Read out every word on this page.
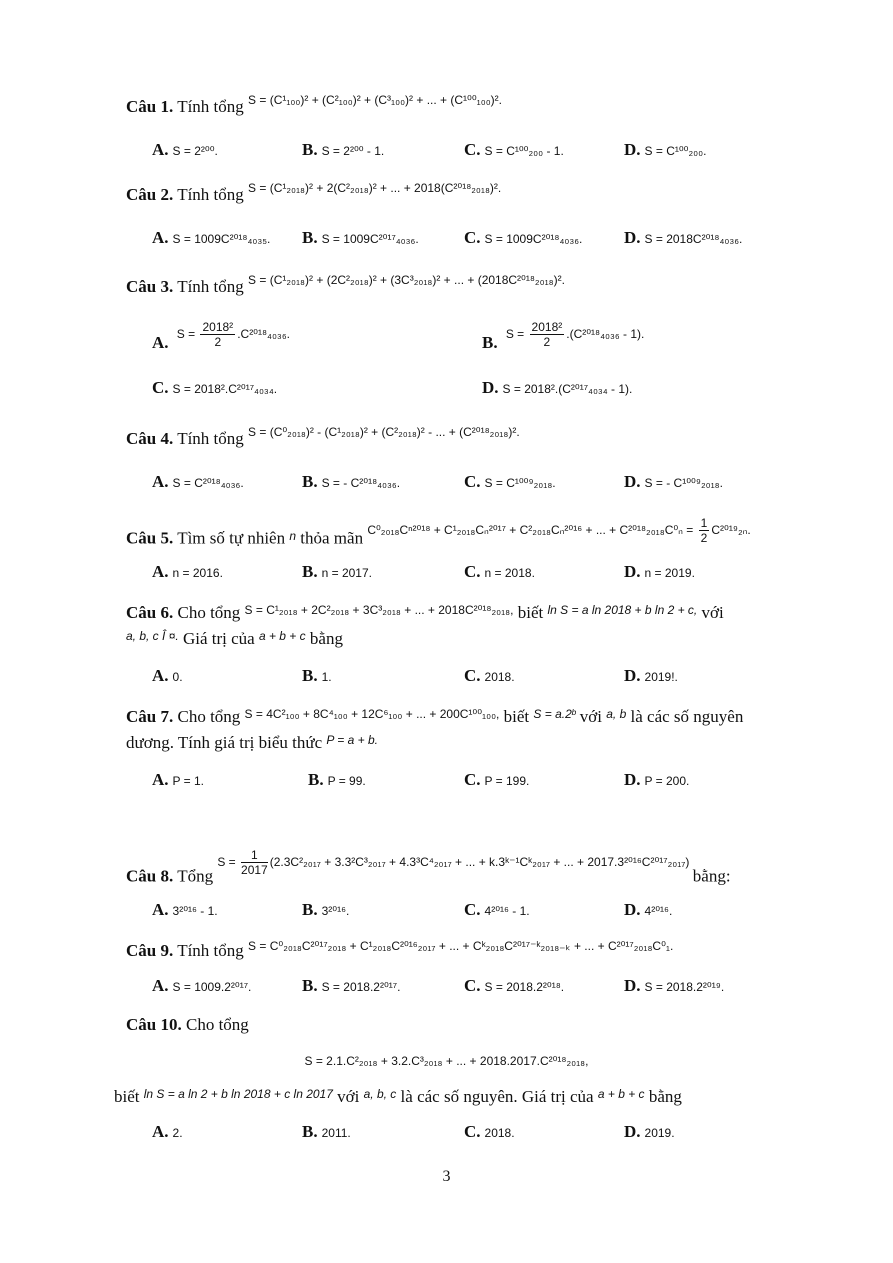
Câu 1. Tính tổng $^{S = (C^1_{100})^2 + (C^2_{100})^2 + (C^3_{100})^2 + ... + (C^{100}_{100})^2.}$
A. S = 2²⁰⁰.	B. S = 2²⁰⁰ - 1.	C. S = C¹⁰⁰₂₀₀ - 1.	D. S = C¹⁰⁰₂₀₀.
Câu 2. Tính tổng $^{S = (C^1_{2018})^2 + 2(C^2_{2018})^2 + ... + 2018(C^{2018}_{2018})^2.}$
A. S = 1009C²⁰¹⁸₄₀₃₅. B. S = 1009C²⁰¹⁷₄₀₃₆.	C. S = 1009C²⁰¹⁸₄₀₃₆. D. S = 2018C²⁰¹⁸₄₀₃₆.
Câu 3. Tính tổng $^{S = (C^1_{2018})^2 + (2C^2_{2018})^2 + (3C^3_{2018})^2 + ... + (2018C^{2018}_{2018})^2.}$
A. $^{S = \frac{\text{2018²}}{2} .C^{2018}_{4036}.}$	B. $^{S = \frac{\text{2018²}}{2} .(C^{2018}_{4036} - 1).}$
C. S = 2018².C²⁰¹⁷₄₀₃₄.	D. S = 2018².(C²⁰¹⁷₄₀₃₄ - 1).
Câu 4. Tính tổng $^{S = (C^0_{2018})^2 - (C^1_{2018})^2 + (C^2_{2018})^2 - ... + (C^{2018}_{2018})^2.}$
A. S = C²⁰¹⁸₄₀₃₆.	B. S = - C²⁰¹⁸₄₀₃₆.	C. S = C¹⁰⁰⁹₂₀₁₈.	D. S = - C¹⁰⁰⁹₂₀₁₈.
Câu 5. Tìm số tự nhiên $^n$ thỏa mãn $^{C^0_{2018}C^{n2018} + C^1_{2018}C_n^{2017} + C^2_{2018}C_n^{2016} + ... + C^{2018}_{2018}C^0_n = \frac{1}{2} C^{2019}_{2n}.}$
A. n = 2016.	B. n = 2017.	C. n = 2018.	D. n = 2019.
Câu 6. Cho tổng $^{S = C^1_{2018} + 2C^2_{2018} + 3C^3_{2018} + ... + 2018C^{2018}_{2018},}$ biết $^{ln S = a ln 2018 + b ln 2 + c,}$ với
$^{a, b, c Î ¤.}$ Giá trị của $^{a + b + c}$ bằng
A. 0.	B. 1.	C. 2018.	D. 2019!.
Câu 7. Cho tổng $^{S = 4C^2_{100} + 8C^4_{100} + 12C^6_{100} + ... + 200C^{100}_{100},}$ biết $^{S = a.2ᵇ}$ với $^{a, b}$ là các số nguyên
dương. Tính giá trị biểu thức $^{P = a + b.}$
A. P = 1.	B. P = 99.	C. P = 199.	D. P = 200.
Câu 8. Tổng $^{S = \frac{1}{2017} (2.3C^2_{2017} + 3.3^2C^3_{2017} + 4.3^3C^4_{2017} + ... + k.3ᵏ^{-1}Cᵏ_{2017} + ... + 2017.3^{2016}C^{2017}_{2017})}$ bằng:
A. 3²⁰¹⁶ - 1.	B. 3²⁰¹⁶.	C. 4²⁰¹⁶ - 1.	D. 4²⁰¹⁶.
Câu 9. Tính tổng $^{S = C^0_{2018}C^{2017}_{2018} + C^1_{2018}C^{2016}_{2017} + ... + Cᵏ_{2018}C^{2017-}ᵏ_{2018-k} + ... + C^{2017}_{2018}C^0_1.}$
A. S = 1009.2²⁰¹⁷.	B. S = 2018.2²⁰¹⁷.	C. S = 2018.2²⁰¹⁸.	D. S = 2018.2²⁰¹⁹.
Câu 10. Cho tổng
S = 2.1.C²₂₀₁₈ + 3.2.C³₂₀₁₈ + ... + 2018.2017.C²⁰¹⁸₂₀₁₈,
biết $^{ln S = a ln 2 + b ln 2018 + c ln 2017}$ với $^{a, b, c}$ là các số nguyên. Giá trị của $^{a + b + c}$ bằng
A. 2.	B. 2011.	C. 2018.	D. 2019.
3
